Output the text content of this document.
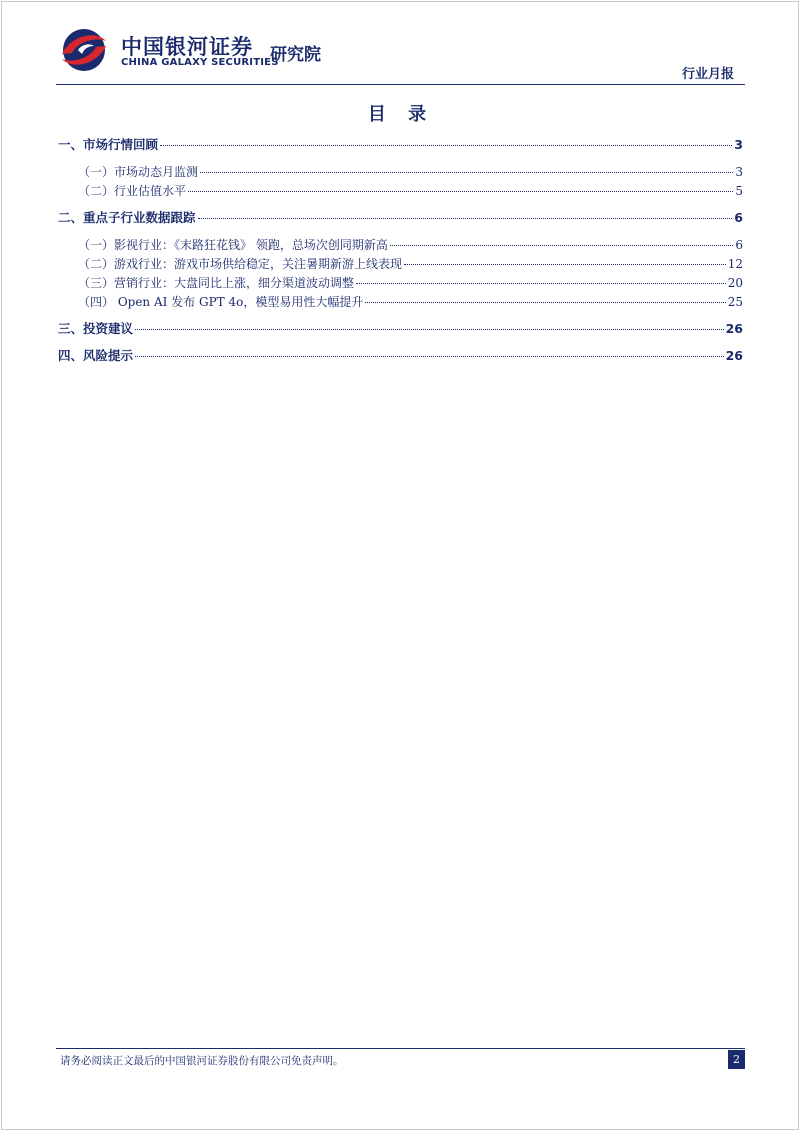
中国银河证券
CHINA GALAXY SECURITIES
研究院
行业月报
目 录
一、市场行情回顾	3
（一）市场动态月监测	3
（二）行业估值水平	5
二、重点子行业数据跟踪	6
（一）影视行业：《末路狂花钱》 领跑，总场次创同期新高	6
（二）游戏行业：游戏市场供给稳定，关注暑期新游上线表现	12
（三）营销行业：大盘同比上涨，细分渠道波动调整	20
（四） Open AI 发布 GPT 4o，模型易用性大幅提升	25
三、投资建议	26
四、风险提示	26
请务必阅读正文最后的中国银河证券股份有限公司免责声明。	2
